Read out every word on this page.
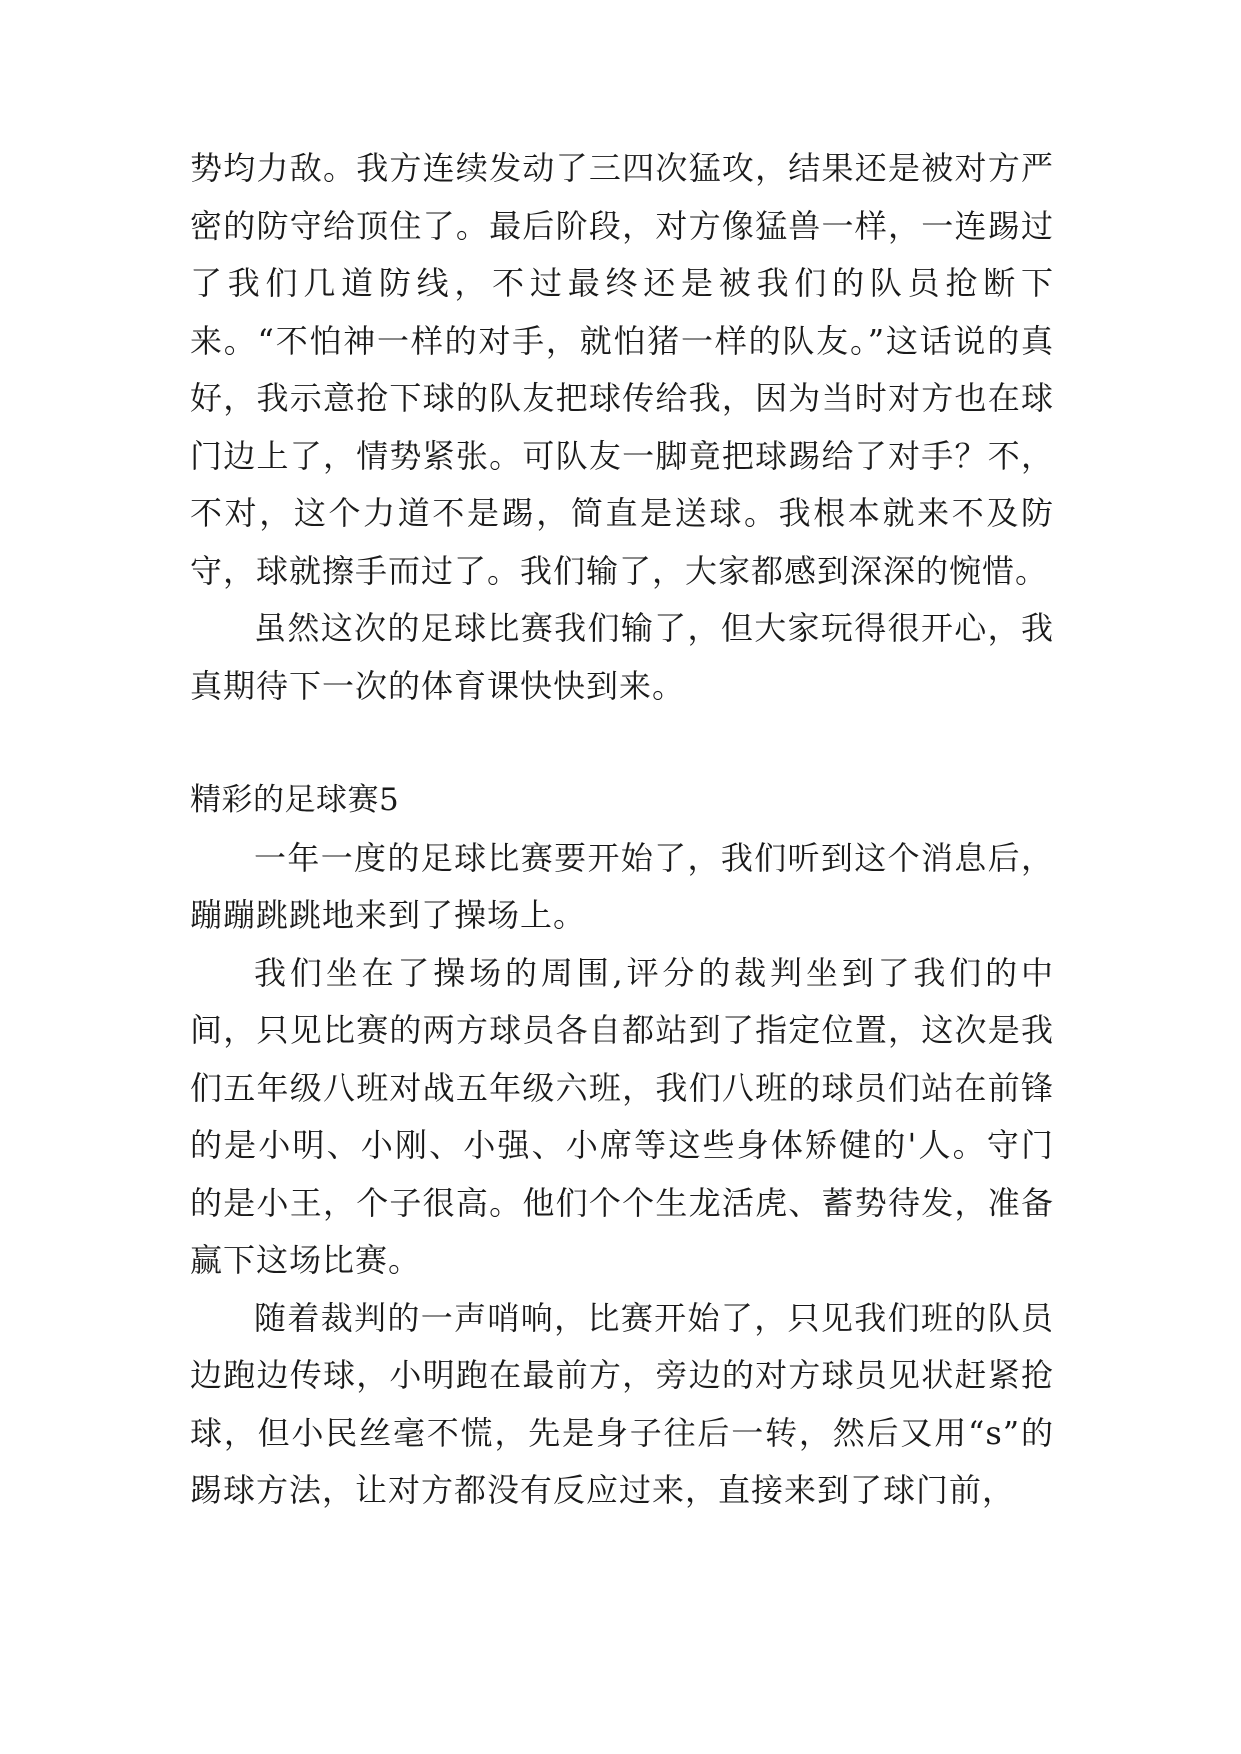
势均力敌。我方连续发动了三四次猛攻，结果还是被对方严密的防守给顶住了。最后阶段，对方像猛兽一样，一连踢过了我们几道防线，不过最终还是被我们的队员抢断下来。“不怕神一样的对手，就怕猪一样的队友。”这话说的真好，我示意抢下球的队友把球传给我，因为当时对方也在球门边上了，情势紧张。可队友一脚竟把球踢给了对手？不，不对，这个力道不是踢，简直是送球。我根本就来不及防守，球就擦手而过了。我们输了，大家都感到深深的惋惜。

虽然这次的足球比赛我们输了，但大家玩得很开心，我真期待下一次的体育课快快到来。

精彩的足球赛5

一年一度的足球比赛要开始了，我们听到这个消息后，蹦蹦跳跳地来到了操场上。

我们坐在了操场的周围,评分的裁判坐到了我们的中间，只见比赛的两方球员各自都站到了指定位置，这次是我们五年级八班对战五年级六班，我们八班的球员们站在前锋的是小明、小刚、小强、小席等这些身体矫健的'人。守门的是小王，个子很高。他们个个生龙活虎、蓄势待发，准备赢下这场比赛。

随着裁判的一声哨响，比赛开始了，只见我们班的队员边跑边传球，小明跑在最前方，旁边的对方球员见状赶紧抢球，但小民丝毫不慌，先是身子往后一转，然后又用“s”的踢球方法，让对方都没有反应过来，直接来到了球门前，
